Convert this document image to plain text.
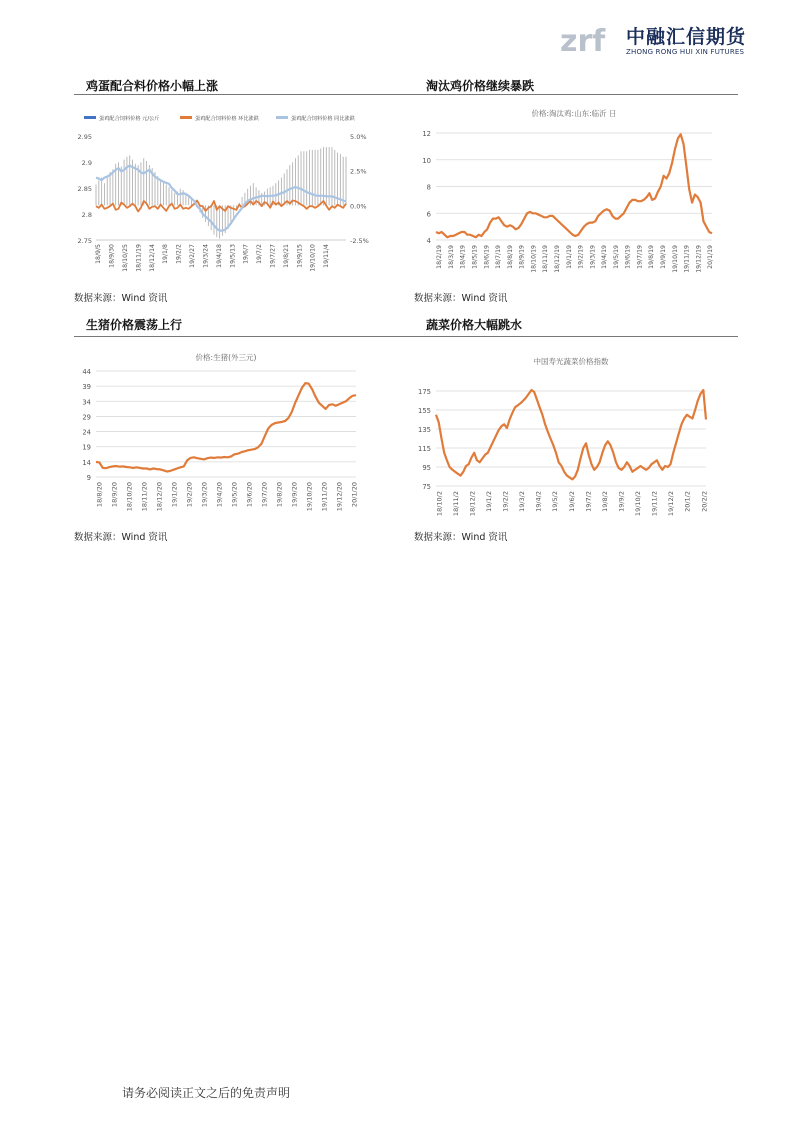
zrf 中融汇信期货
ZHONG RONG HUI XIN FUTURES
鸡蛋配合料价格小幅上涨	淘汰鸡价格继续暴跌
蛋鸡配合饲料价格 元/公斤	蛋鸡配合饲料价格 环比涨跌	蛋鸡配合饲料价格 同比涨跌
2.75
2.8
2.85
2.9
2.95
-2.5%
0.0%
2.5%
5.0%
18/9/5 18/9/30 18/10/25 18/11/19 18/12/14 19/1/8 19/2/2 19/2/27 19/3/24 19/4/18 19/5/13 19/6/7 19/7/2 19/7/27 19/8/21 19/9/15 19/10/10 19/11/4
价格:淘汰鸡:山东:临沂 日
4
6
8
10
12
18/2/19 18/3/19 18/4/19 18/5/19 18/6/19 18/7/19 18/8/19 18/9/19 18/10/19 18/11/19 18/12/19 19/1/19 19/2/19 19/3/19 19/4/19 19/5/19 19/6/19 19/7/19 19/8/19 19/9/19 19/10/19 19/11/19 19/12/19 20/1/19
数据来源：Wind 资讯	数据来源：Wind 资讯
生猪价格震荡上行	蔬菜价格大幅跳水
价格:生猪(外三元)
9
14
19
24
29
34
39
44
18/8/20 18/9/20 18/10/20 18/11/20 18/12/20 19/1/20 19/2/20 19/3/20 19/4/20 19/5/20 19/6/20 19/7/20 19/8/20 19/9/20 19/10/20 19/11/20 19/12/20 20/1/20
中国寿光蔬菜价格指数
75
95
115
135
155
175
18/10/2 18/11/2 18/12/2 19/1/2 19/2/2 19/3/2 19/4/2 19/5/2 19/6/2 19/7/2 19/8/2 19/9/2 19/10/2 19/11/2 19/12/2 20/1/2 20/2/2
数据来源：Wind 资讯	数据来源：Wind 资讯
请务必阅读正文之后的免责声明
